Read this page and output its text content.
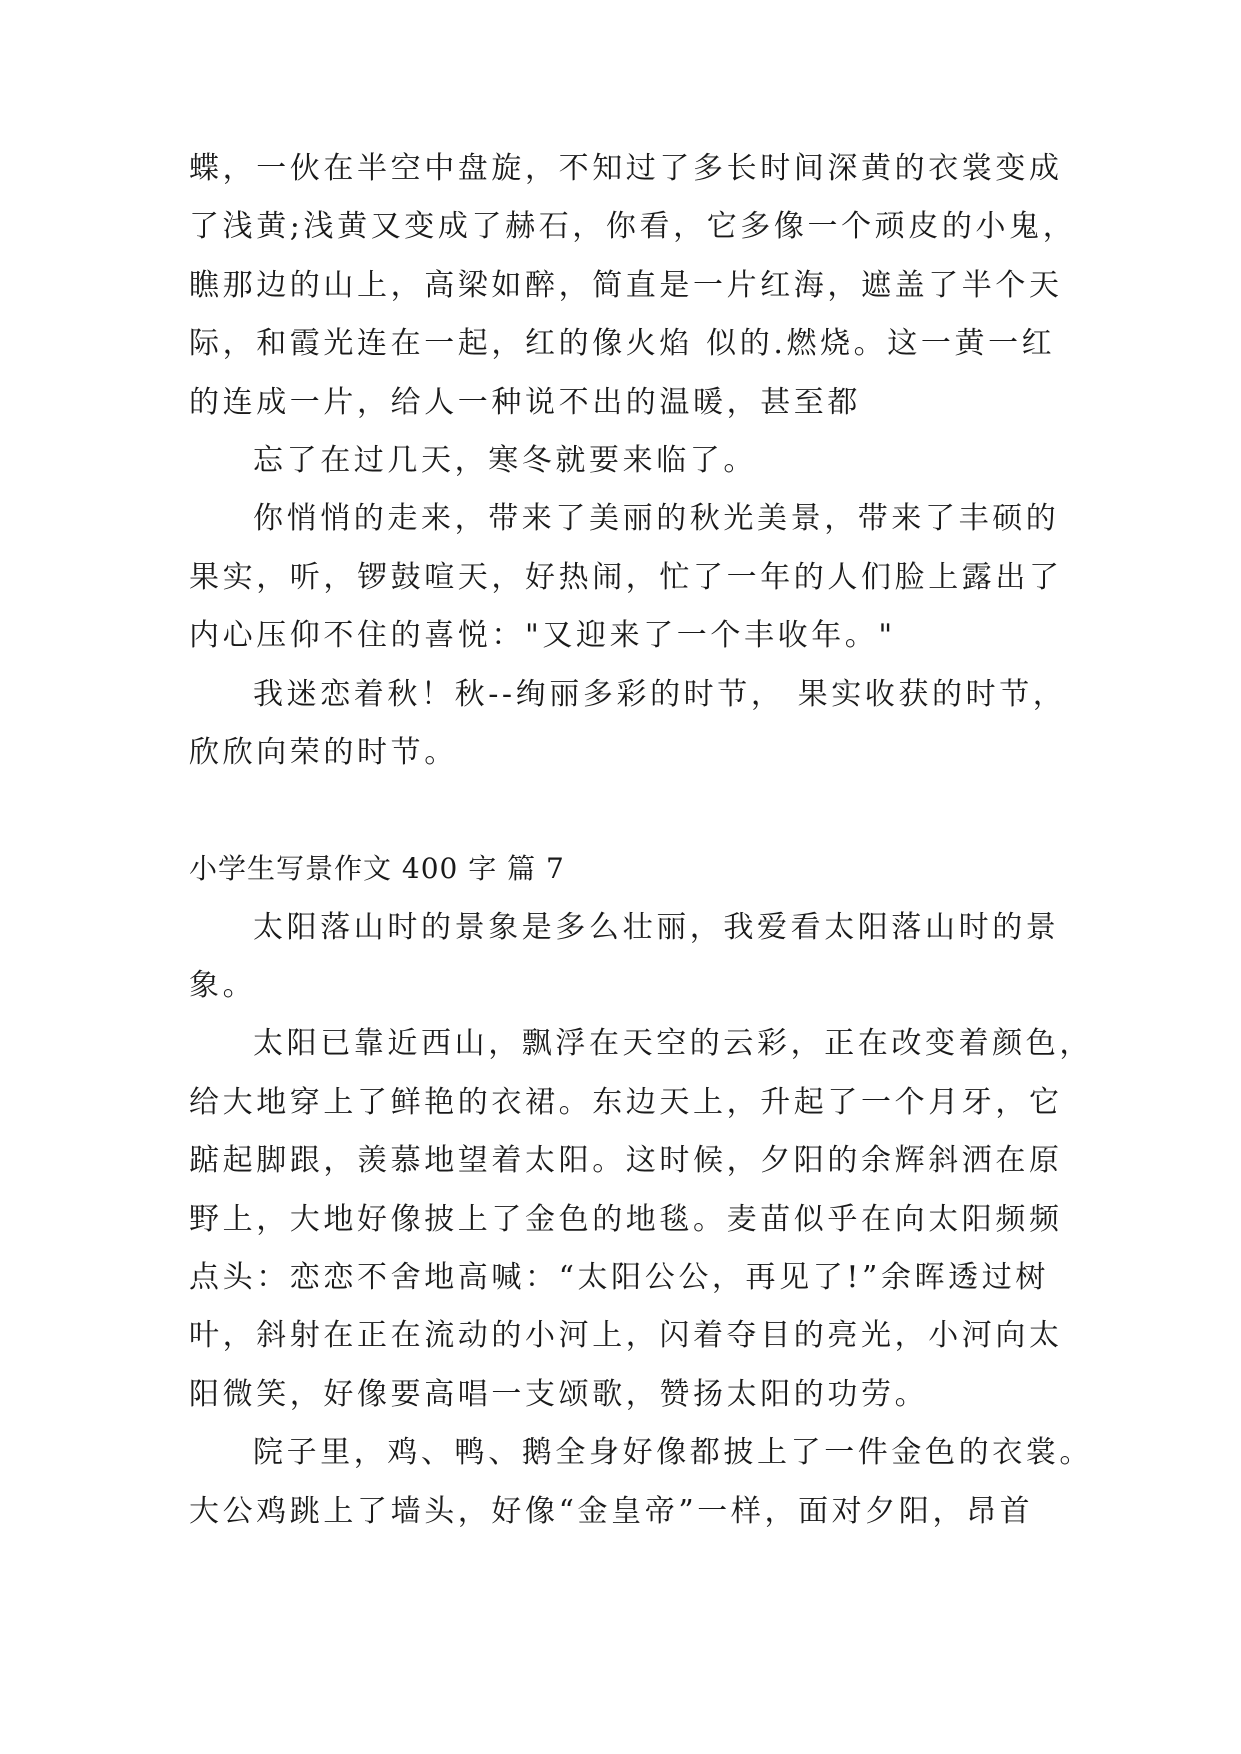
蝶，一伙在半空中盘旋，不知过了多长时间深黄的衣裳变成
了浅黄;浅黄又变成了赫石，你看，它多像一个顽皮的小鬼，
瞧那边的山上，高梁如醉，简直是一片红海，遮盖了半个天
际，和霞光连在一起，红的像火焰 似的.燃烧。这一黄一红
的连成一片，给人一种说不出的温暖，甚至都
忘了在过几天，寒冬就要来临了。
你悄悄的走来，带来了美丽的秋光美景，带来了丰硕的
果实，听，锣鼓喧天，好热闹，忙了一年的人们脸上露出了
内心压仰不住的喜悦："又迎来了一个丰收年。"
我迷恋着秋！秋--绚丽多彩的时节， 果实收获的时节，
欣欣向荣的时节。
小学生写景作文 400 字 篇 7
太阳落山时的景象是多么壮丽，我爱看太阳落山时的景
象。
太阳已靠近西山，飘浮在天空的云彩，正在改变着颜色，
给大地穿上了鲜艳的衣裙。东边天上，升起了一个月牙，它
踮起脚跟，羡慕地望着太阳。这时候，夕阳的余辉斜洒在原
野上，大地好像披上了金色的地毯。麦苗似乎在向太阳频频
点头：恋恋不舍地高喊：“太阳公公，再见了!”余晖透过树
叶，斜射在正在流动的小河上，闪着夺目的亮光，小河向太
阳微笑，好像要高唱一支颂歌，赞扬太阳的功劳。
院子里，鸡、鸭、鹅全身好像都披上了一件金色的衣裳。
大公鸡跳上了墙头，好像“金皇帝”一样，面对夕阳，昂首
